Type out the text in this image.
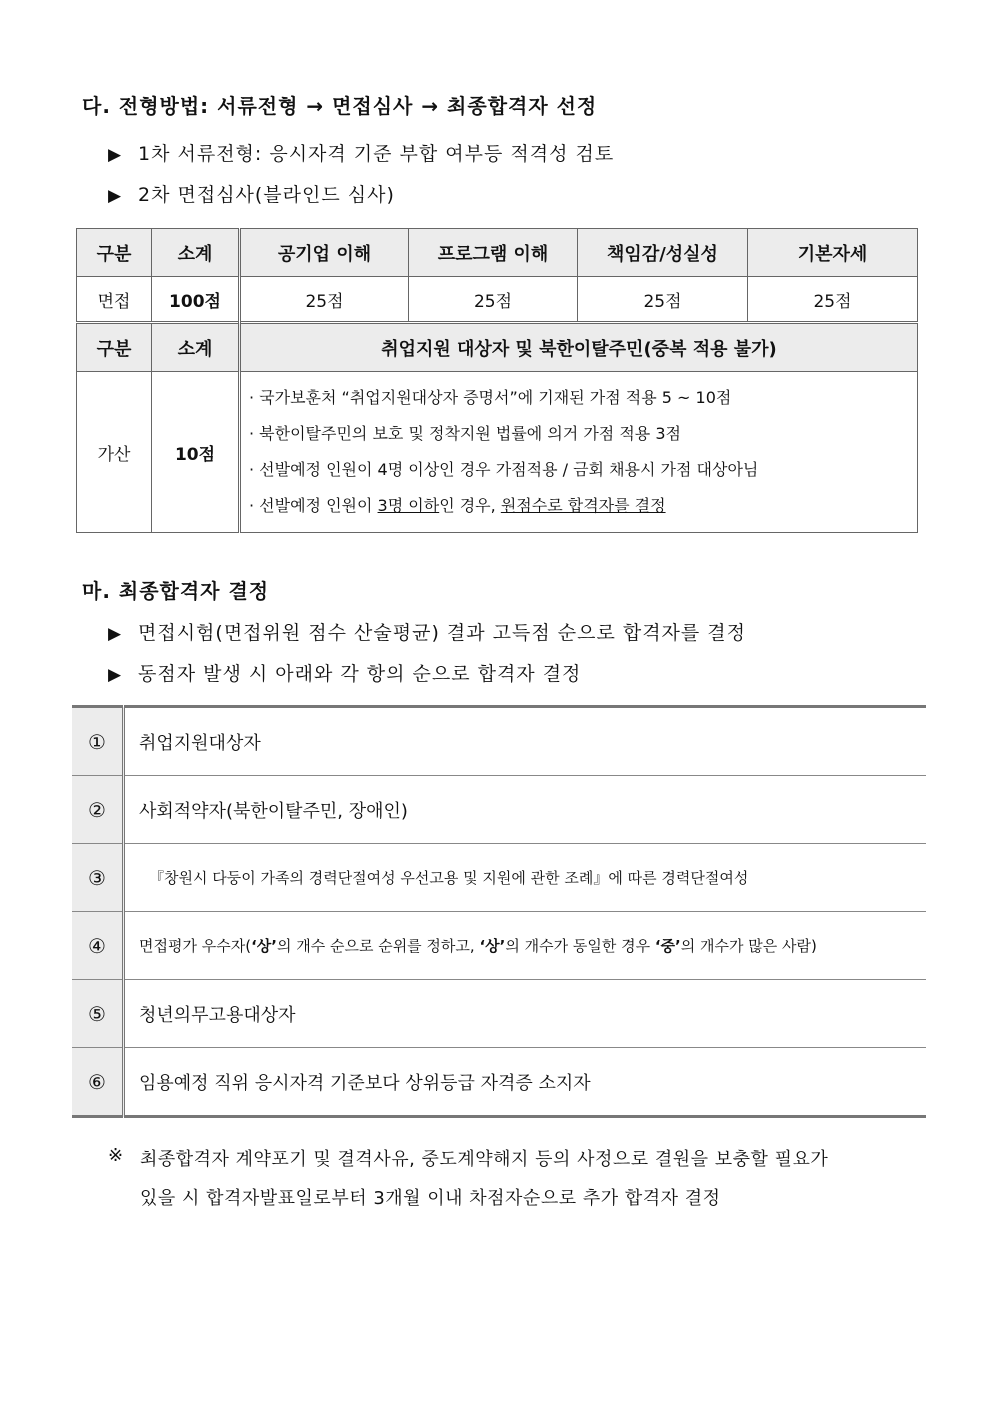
다. 전형방법: 서류전형 → 면접심사 → 최종합격자 선정
▶ 1차 서류전형: 응시자격 기준 부합 여부등 적격성 검토
▶ 2차 면접심사(블라인드 심사)
구분	소계	공기업 이해	프로그램 이해	책임감/성실성	기본자세
면접	100점	25점	25점	25점	25점
구분	소계	취업지원 대상자 및 북한이탈주민(중복 적용 불가)			
가산	10점	· 국가보훈처 “취업지원대상자 증명서”에 기재된 가점 적용 5 ~ 10점
· 북한이탈주민의 보호 및 정착지원 법률에 의거 가점 적용 3점
· 선발예정 인원이 4명 이상인 경우 가점적용 / 금회 채용시 가점 대상아님
· 선발예정 인원이 3명 이하인 경우, 원점수로 합격자를 결정			
마. 최종합격자 결정
▶ 면접시험(면접위원 점수 산술평균) 결과 고득점 순으로 합격자를 결정
▶ 동점자 발생 시 아래와 각 항의 순으로 합격자 결정
①	취업지원대상자
②	사회적약자(북한이탈주민, 장애인)
③	『창원시 다둥이 가족의 경력단절여성 우선고용 및 지원에 관한 조례』에 따른 경력단절여성
④	면접평가 우수자(‘상’의 개수 순으로 순위를 정하고, ‘상’의 개수가 동일한 경우 ‘중’의 개수가 많은 사람)
⑤	청년의무고용대상자
⑥	임용예정 직위 응시자격 기준보다 상위등급 자격증 소지자
※ 최종합격자 계약포기 및 결격사유, 중도계약해지 등의 사정으로 결원을 보충할 필요가
있을 시 합격자발표일로부터 3개월 이내 차점자순으로 추가 합격자 결정
